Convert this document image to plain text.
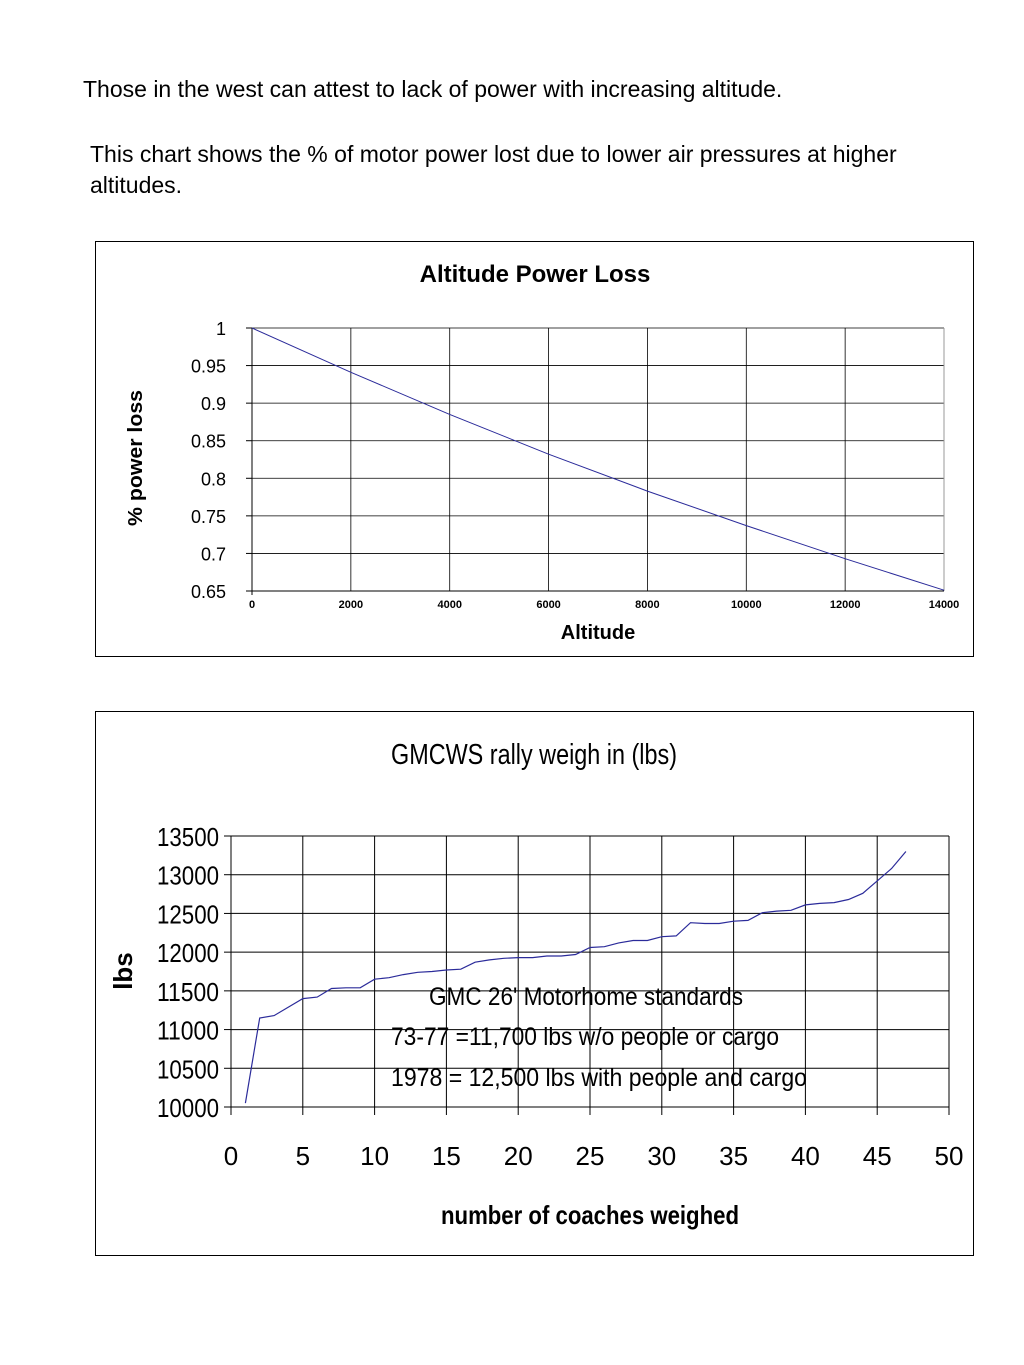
Those in the west can attest to lack of power with increasing altitude.
This chart shows the % of motor power lost due to lower air pressures at higher altitudes.
Altitude Power Loss
1
0.95
0.9
0.85
0.8
0.75
0.7
0.65
0	2000	4000	6000	8000	10000	12000	14000
Altitude
% power loss
GMCWS rally weigh in (lbs)
13500
13000
12500
12000
11500
11000
10500
10000
0 5 10 15 20 25 30 35 40 45 50
GMC 26' Motorhome standards
73-77 =11,700 lbs w/o people or cargo
1978 = 12,500 lbs with people and cargo
number of coaches weighed
lbs
